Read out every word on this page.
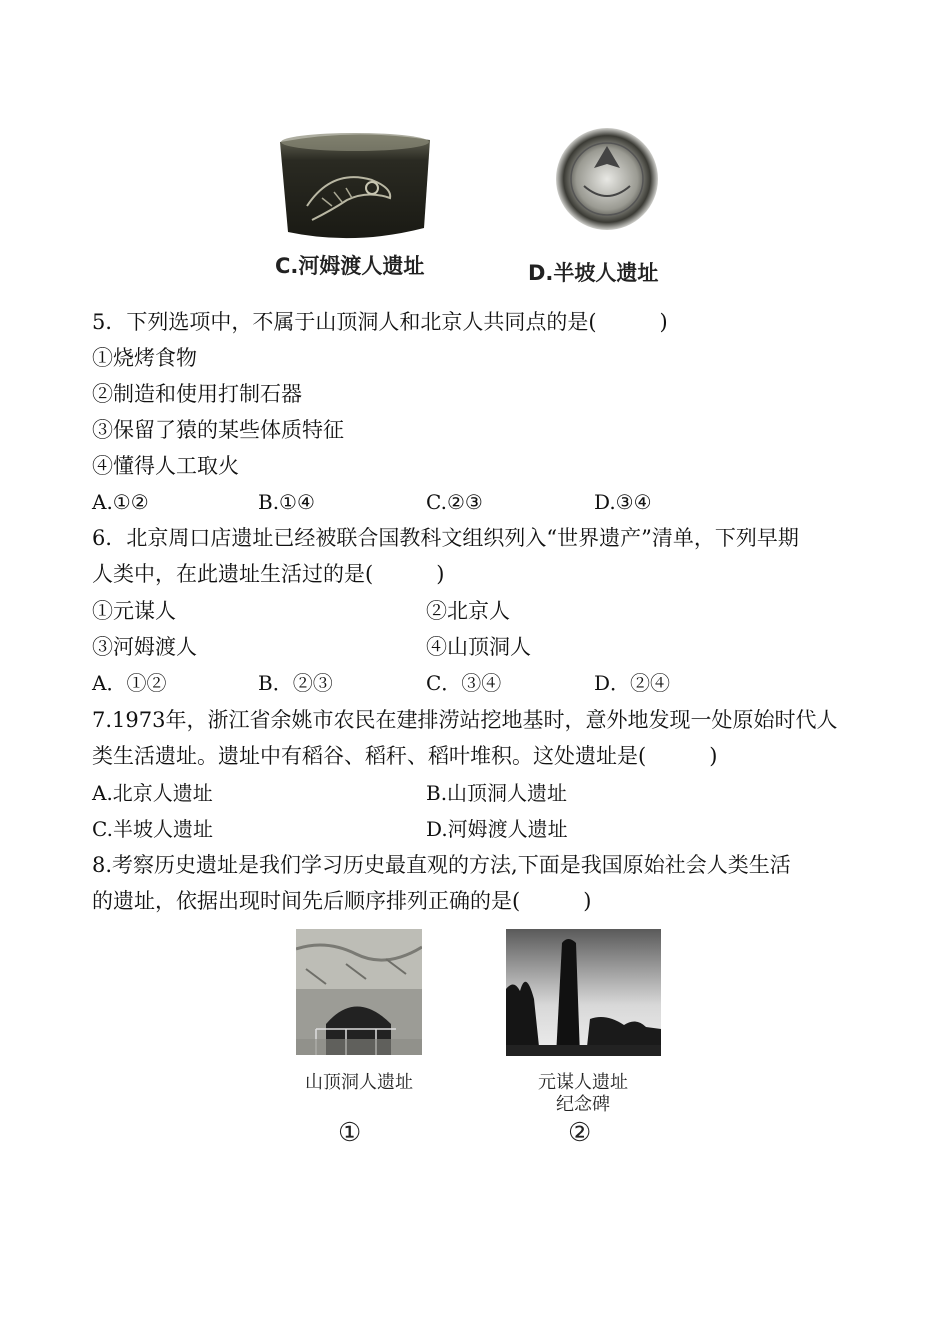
C.河姆渡人遗址	D.半坡人遗址
5．下列选项中，不属于山顶洞人和北京人共同点的是(　　　)
①烧烤食物
②制造和使用打制石器
③保留了猿的某些体质特征
④懂得人工取火
A.①②	B.①④	C.②③	D.③④
6．北京周口店遗址已经被联合国教科文组织列入“世界遗产”清单，下列早期
人类中，在此遗址生活过的是(　　　)
①元谋人	②北京人
③河姆渡人	④山顶洞人
A．①②	B．②③	C．③④	D．②④
7.1973年，浙江省余姚市农民在建排涝站挖地基时，意外地发现一处原始时代人
类生活遗址。遗址中有稻谷、稻秆、稻叶堆积。这处遗址是(　　　)
A.北京人遗址	B.山顶洞人遗址
C.半坡人遗址	D.河姆渡人遗址
8.考察历史遗址是我们学习历史最直观的方法,下面是我国原始社会人类生活
的遗址，依据出现时间先后顺序排列正确的是(　　　)
山顶洞人遗址
①
元谋人遗址
纪念碑
②
